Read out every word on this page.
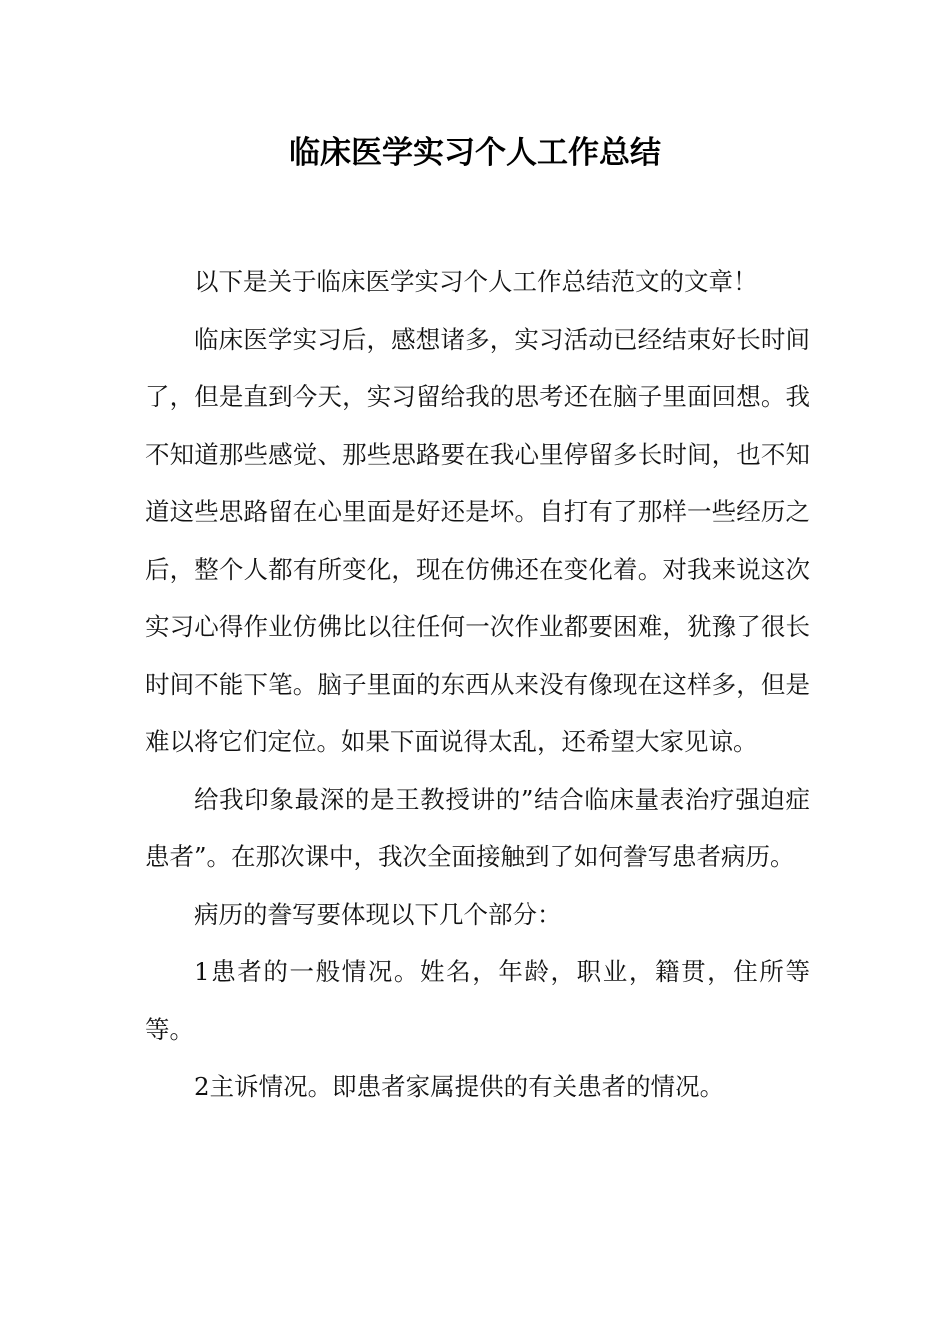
临床医学实习个人工作总结

以下是关于临床医学实习个人工作总结范文的文章！

临床医学实习后，感想诸多，实习活动已经结束好长时间了，但是直到今天，实习留给我的思考还在脑子里面回想。我不知道那些感觉、那些思路要在我心里停留多长时间，也不知道这些思路留在心里面是好还是坏。自打有了那样一些经历之后，整个人都有所变化，现在仿佛还在变化着。对我来说这次实习心得作业仿佛比以往任何一次作业都要困难，犹豫了很长时间不能下笔。脑子里面的东西从来没有像现在这样多，但是难以将它们定位。如果下面说得太乱，还希望大家见谅。

给我印象最深的是王教授讲的”结合临床量表治疗强迫症患者”。在那次课中，我次全面接触到了如何誊写患者病历。

病历的誊写要体现以下几个部分：

1患者的一般情况。姓名，年龄，职业，籍贯，住所等等。

2主诉情况。即患者家属提供的有关患者的情况。
